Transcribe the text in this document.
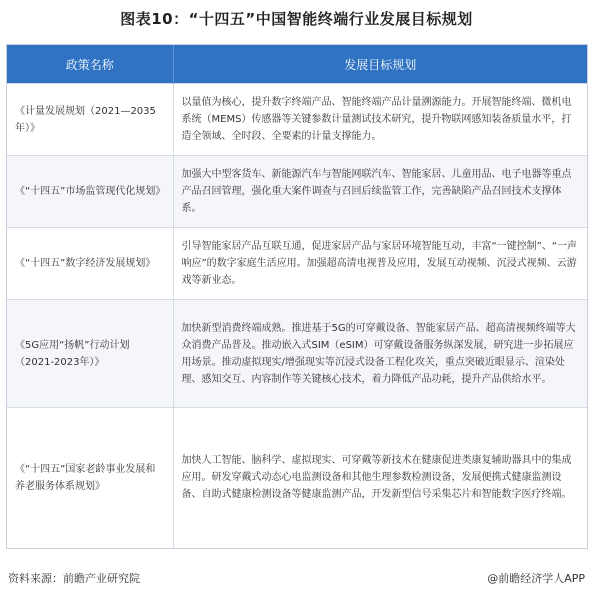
图表10：“十四五”中国智能终端行业发展目标规划
政策名称	发展目标规划
《计量发展规划（2021—2035年）》	以量值为核心，提升数字终端产品、智能终端产品计量溯源能力。开展智能终端、微机电系统（MEMS）传感器等关键参数计量测试技术研究，提升物联网感知装备质量水平，打造全领域、全时段、全要素的计量支撑能力。
《“十四五”市场监管现代化规划》	加强大中型客货车、新能源汽车与智能网联汽车、智能家居、儿童用品、电子电器等重点产品召回管理，强化重大案件调查与召回后续监管工作，完善缺陷产品召回技术支撑体系。
《“十四五”数字经济发展规划》	引导智能家居产品互联互通，促进家居产品与家居环境智能互动，丰富“一键控制”、“一声响应”的数字家庭生活应用。加强超高清电视普及应用，发展互动视频、沉浸式视频、云游戏等新业态。
《5G应用“扬帆”行动计划（2021-2023年）》	加快新型消费终端成熟。推进基于5G的可穿戴设备、智能家居产品、超高清视频终端等大众消费产品普及。推动嵌入式SIM（eSIM）可穿戴设备服务纵深发展，研究进一步拓展应用场景。推动虚拟现实/增强现实等沉浸式设备工程化攻关，重点突破近眼显示、渲染处理、感知交互、内容制作等关键核心技术，着力降低产品功耗，提升产品供给水平。
《“十四五”国家老龄事业发展和养老服务体系规划》	加快人工智能、脑科学、虚拟现实、可穿戴等新技术在健康促进类康复辅助器具中的集成应用。研发穿戴式动态心电监测设备和其他生理参数检测设备，发展便携式健康监测设备、自助式健康检测设备等健康监测产品，开发新型信号采集芯片和智能数字医疗终端。
资料来源：前瞻产业研究院	@前瞻经济学人APP
